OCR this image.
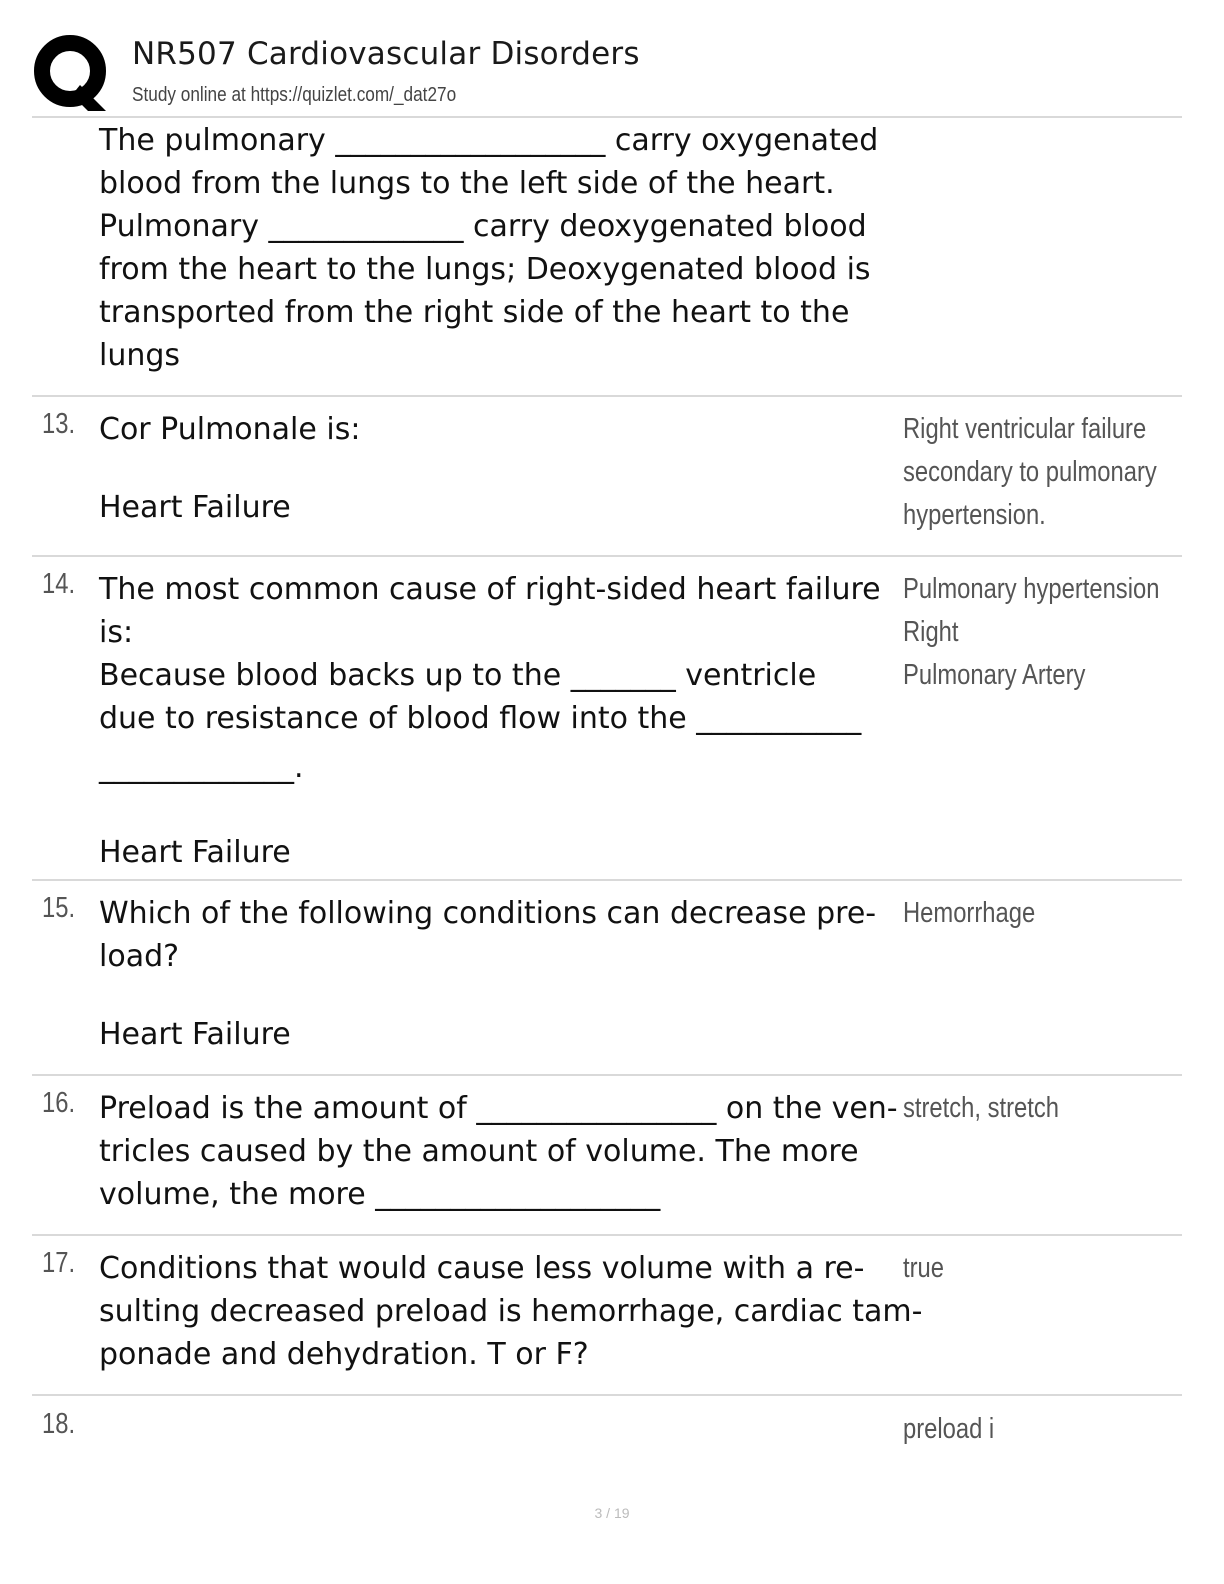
NR507 Cardiovascular Disorders
Study online at https://quizlet.com/_dat27o

The pulmonary __________________ carry oxygenated

blood from the lungs to the left side of the heart.

Pulmonary _____________ carry deoxygenated blood

from the heart to the lungs; Deoxygenated blood is

transported from the right side of the heart to the

lungs

13. Cor Pulmonale is:

Heart Failure

Right ventricular failure

secondary to pulmonary

hypertension.

14. The most common cause of right-sided heart failure

is:

Because blood backs up to the _______ ventricle

due to resistance of blood flow into the ___________

_____________.

Heart Failure

Pulmonary hypertension

Right

Pulmonary Artery

15. Which of the following conditions can decrease pre-

load?

Heart Failure

Hemorrhage

16. Preload is the amount of ________________ on the ven-

tricles caused by the amount of volume. The more

volume, the more ___________________

stretch, stretch

17. Conditions that would cause less volume with a re-

sulting decreased preload is hemorrhage, cardiac tam-

ponade and dehydration. T or F?

true

18.	preload i

3 / 19
